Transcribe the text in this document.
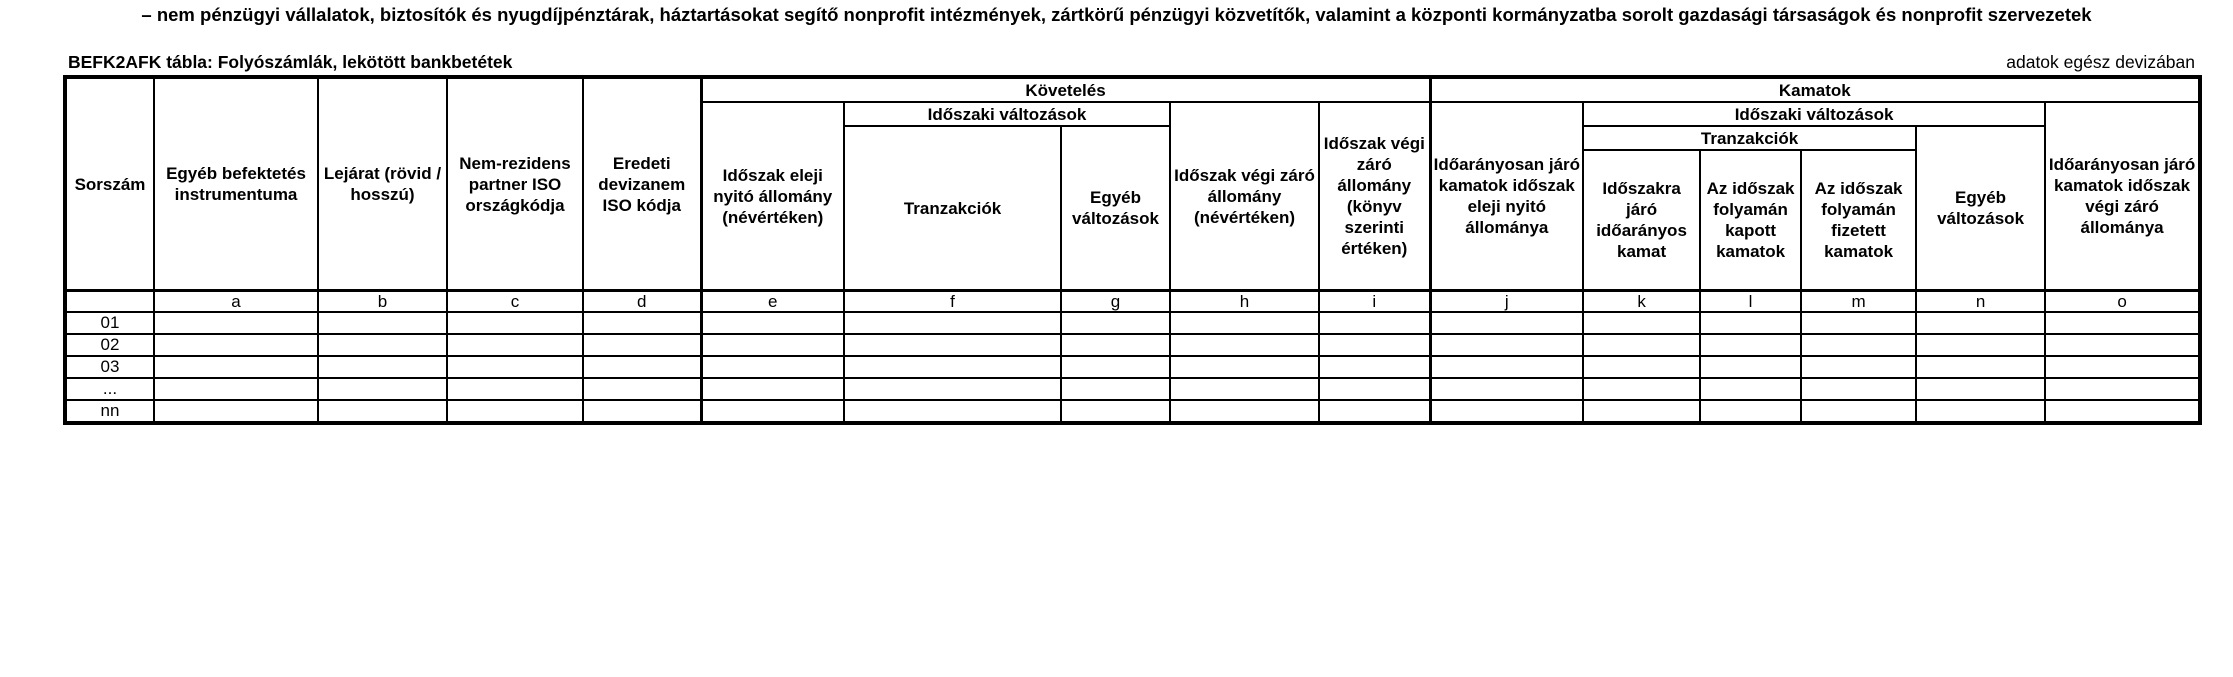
– nem pénzügyi vállalatok, biztosítók és nyugdíjpénztárak, háztartásokat segítő nonprofit intézmények, zártkörű pénzügyi közvetítők, valamint a központi kormányzatba sorolt gazdasági társaságok és nonprofit szervezetek
BEFK2AFK tábla: Folyószámlák, lekötött bankbetétek	adatok egész devizában
Sorszám	Egyéb befektetés instrumentuma	Lejárat (rövid / hosszú)	Nem-rezidens partner ISO országkódja	Eredeti devizanem ISO kódja	Követelés					Kamatok					
					Időszak eleji nyitó állomány (névértéken)	Időszaki változások		Időszak végi záró állomány (névértéken)	Időszak végi záró állomány (könyv szerinti értéken)	Időarányosan járó kamatok időszak eleji nyitó állománya	Időszaki változások				Időarányosan járó kamatok időszak végi záró állománya
						Tranzakciók	Egyéb változások				Tranzakciók			Egyéb változások	
											Időszakra járó időarányos kamat	Az időszak folyamán kapott kamatok	Az időszak folyamán fizetett kamatok		
	a	b	c	d	e	f	g	h	i	j	k	l	m	n	o
01															
02															
03															
...															
nn															
